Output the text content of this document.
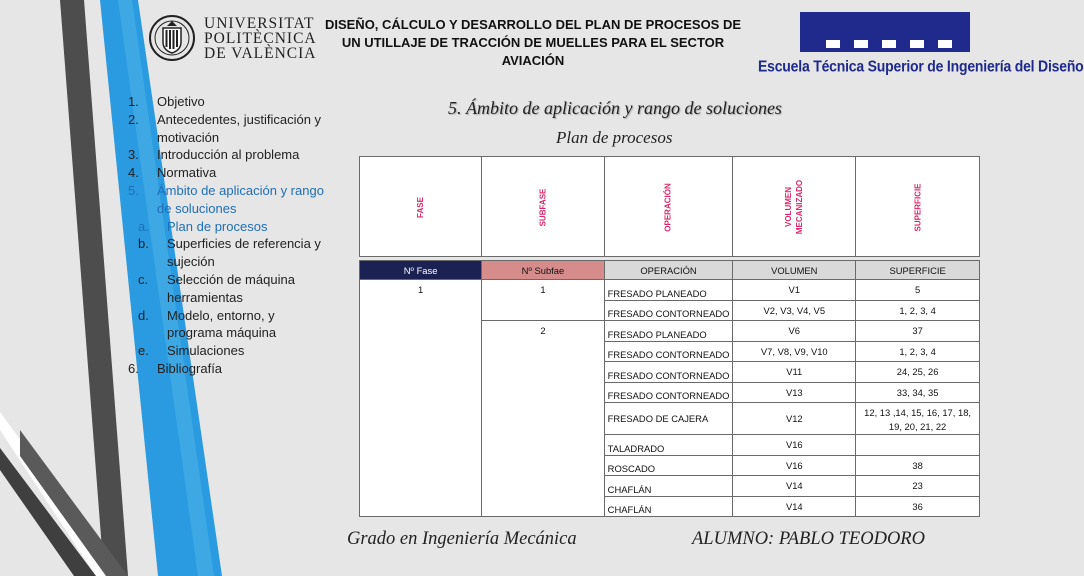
UNIVERSITAT
POLITÈCNICA
DE VALÈNCIA
DISEÑO, CÁLCULO Y DESARROLLO DEL PLAN DE PROCESOS DE UN UTILLAJE DE TRACCIÓN DE MUELLES PARA EL SECTOR AVIACIÓN	Escuela Técnica Superior de Ingeniería del Diseño
1.	Objetivo
2.	Antecedentes, justificación y motivación
3.	Introducción al problema
4.	Normativa
5.	Ámbito de aplicación y rango de soluciones
a.	Plan de procesos
b.	Superficies de referencia y sujeción
c.	Selección de máquina herramientas
d.	Modelo, entorno, y programa máquina
e.	Simulaciones
6.	Bibliografía
5. Ámbito de aplicación y rango de soluciones
Plan de procesos
FASE	SUBFASE	OPERACIÓN	VOLUMEN MECANIZADO	SUPERFICIE

Nº Fase	Nº Subfae	OPERACIÓN	VOLUMEN	SUPERFICIE
1	1	FRESADO PLANEADO	V1	5
		FRESADO CONTORNEADO	V2, V3, V4, V5	1, 2, 3, 4
	2	FRESADO PLANEADO	V6	37
		FRESADO CONTORNEADO	V7, V8, V9, V10	1, 2, 3, 4
		FRESADO CONTORNEADO	V11	24, 25, 26
		FRESADO CONTORNEADO	V13	33, 34, 35
		FRESADO DE CAJERA	V12	12, 13 ,14, 15, 16, 17, 18, 19, 20, 21, 22
		TALADRADO	V16	
		ROSCADO	V16	38
		CHAFLÁN	V14	23
		CHAFLÁN	V14	36
Grado en Ingeniería Mecánica	ALUMNO: PABLO TEODORO
